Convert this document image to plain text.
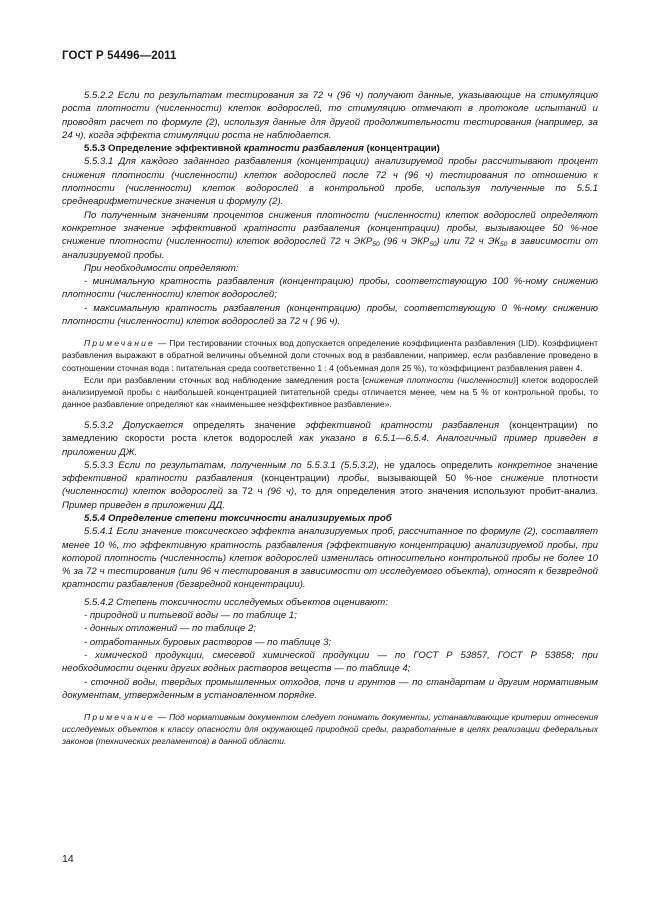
ГОСТ Р 54496—2011

5.5.2.2 Если по результатам тестирования за 72 ч (96 ч) получают данные, указывающие на стимуляцию роста плотности (численности) клеток водорослей, то стимуляцию отмечают в протоколе испытаний и проводят расчет по формуле (2), используя данные для другой продолжительности тестирования (например, за 24 ч), когда эффекта стимуляции роста не наблюдается.

5.5.3 Определение эффективной кратности разбавления (концентрации)

5.5.3.1 Для каждого заданного разбавления (концентрации) анализируемой пробы рассчитывают процент снижения плотности (численности) клеток водорослей после 72 ч (96 ч) тестирования по отношению к плотности (численности) клеток водорослей в контрольной пробе, используя полученные по 5.5.1 среднеарифметические значения и формулу (2).

По полученным значениям процентов снижения плотности (численности) клеток водорослей определяют конкретное значение эффективной кратности разбавления (концентрации) пробы, вызывающее 50 %-ное снижение плотности (численности) клеток водорослей 72 ч $ЭКР_{50}$ (96 ч $ЭКР_{50}$) или 72 ч $ЭК_{50}$ в зависимости от анализируемой пробы.

При необходимости определяют:

- минимальную кратность разбавления (концентрацию) пробы, соответствующую 100 %-ному снижению плотности (численности) клеток водорослей;

- максимальную кратность разбавления (концентрацию) пробы, соответствующую 0 %-ному снижению плотности (численности) клеток водорослей за 72 ч ( 96 ч).

Примечание — При тестировании сточных вод допускается определение коэффициента разбавления (LID). Коэффициент разбавления выражают в обратной величины объемной доли сточных вод в разбавлении, например, если разбавление проведено в соотношении сточная вода : питательная среда соответственно 1 : 4 (объемная доля 25 %), то коэффициент разбавления равен 4.

Если при разбавлении сточных вод наблюдение замедления роста [снижения плотности (численности)] клеток водорослей анализируемой пробы с наибольшей концентрацией питательной среды отличается менее, чем на 5 % от контрольной пробы, то данное разбавление определяют как «наименьшее неэффективное разбавление».

5.5.3.2 Допускается определять значение эффективной кратности разбавления (концентрации) по замедлению скорости роста клеток водорослей как указано в 6.5.1—6.5.4. Аналогичный пример приведен в приложении ДЖ.

5.5.3.3 Если по результатам, полученным по 5.5.3.1 (5.5.3.2), не удалось определить конкретное значение эффективной кратности разбавления (концентрации) пробы, вызывающей 50 %-ное снижение плотности (численности) клеток водорослей за 72 ч (96 ч), то для определения этого значения используют пробит-анализ. Пример приведен в приложении ДД.

5.5.4 Определение степени токсичности анализируемых проб

5.5.4.1 Если значение токсического эффекта анализируемых проб, рассчитанное по формуле (2), составляет менее 10 %, то эффективную кратность разбавления (эффективную концентрацию) анализируемой пробы, при которой плотность (численность) клеток водорослей изменилась относительно контрольной пробы не более 10 % за 72 ч тестирования (или 96 ч тестирования в зависимости от исследуемого объекта), относят к безвредной кратности разбавления (безвредной концентрации).

5.5.4.2 Степень токсичности исследуемых объектов оценивают:

- природной и питьевой воды — по таблице 1;

- донных отложений — по таблице 2;

- отработанных буровых растворов — по таблице 3;

- химической продукции, смесевой химической продукции — по ГОСТ Р 53857, ГОСТ Р 53858; при необходимости оценки других водных растворов веществ — по таблице 4;

- сточной воды, твердых промышленных отходов, почв и грунтов — по стандартам и другим нормативным документам, утвержденным в установленном порядке.

Примечание — Под нормативным документом следует понимать документы, устанавливающие критерии отнесения исследуемых объектов к классу опасности для окружающей природной среды, разработанные в целях реализации федеральных законов (технических регламентов) в данной области.

14
